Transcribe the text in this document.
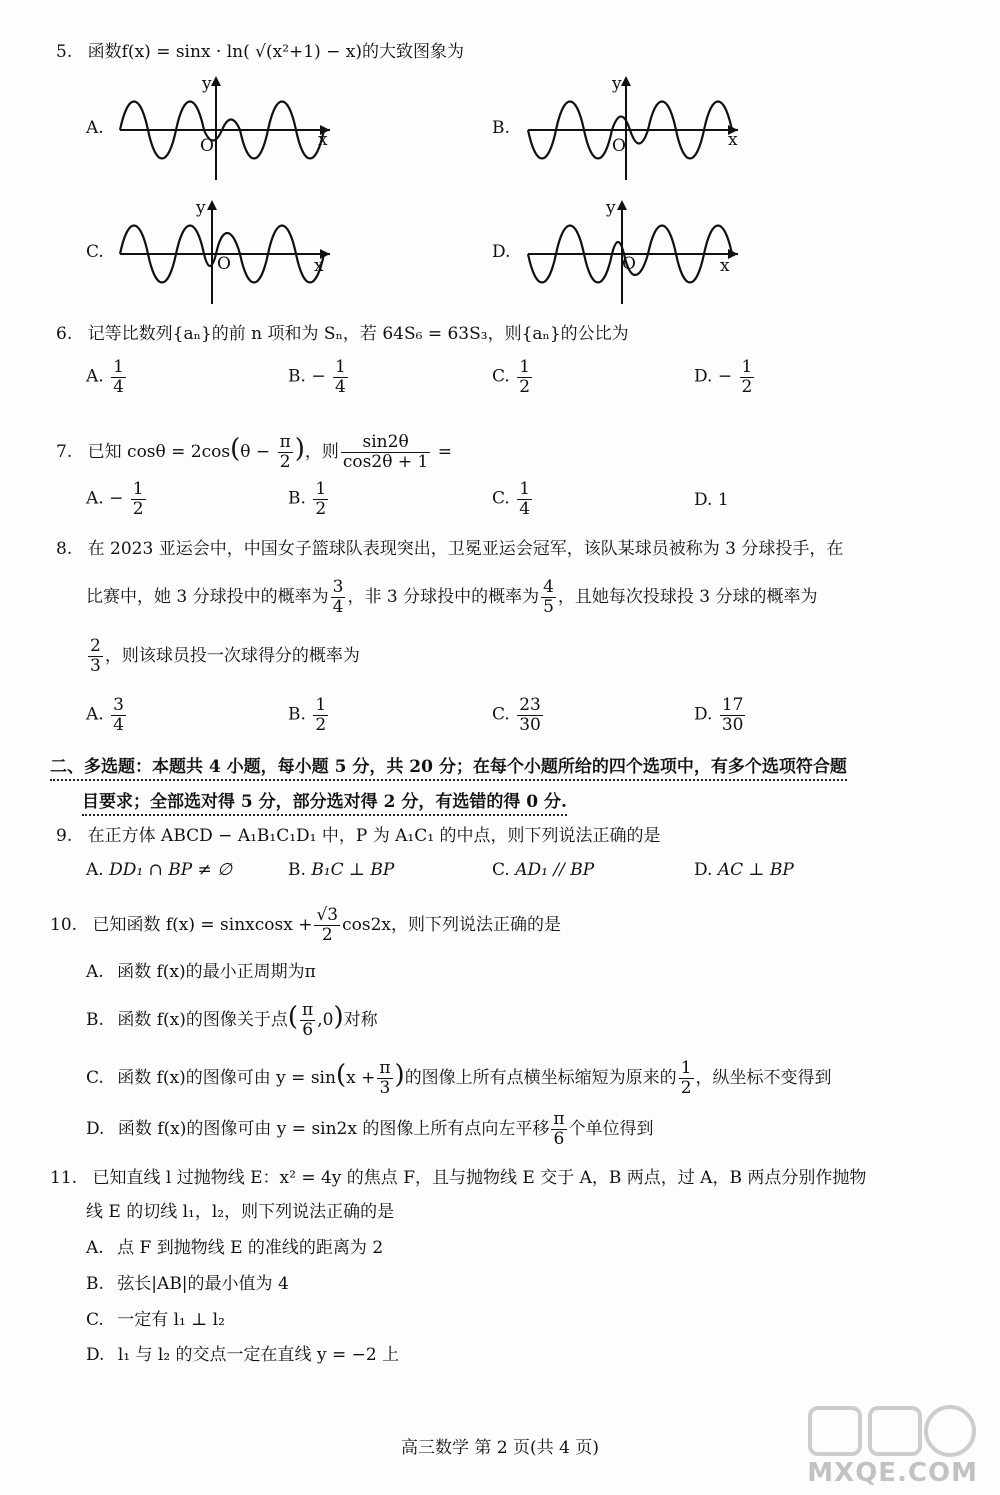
5. 函数f(x) = sinx · ln( √(x²+1) − x)的大致图象为
A.
y
x
O
B.
y
x
O
C.
y
x
O
D.
y
x
O
6. 记等比数列{aₙ}的前 n 项和为 Sₙ，若 64S₆ = 63S₃，则{aₙ}的公比为
A. $\frac{1}{4}$	B. − $\frac{1}{4}$	C. $\frac{1}{2}$	D. − $\frac{1}{2}$
7. 已知 $\cos\theta = 2\cos(\theta - \frac{\pi}{2}$ )，则 $\frac{\sin 2\theta}{\cos 2\theta + 1}$ =
A. − $\frac{1}{2}$	B. $\frac{1}{2}$	C. $\frac{1}{4}$	D. 1
8. 在 2023 亚运会中，中国女子篮球队表现突出，卫冕亚运会冠军，该队某球员被称为 3 分球投手，在
比赛中，她 3 分球投中的概率为 $\frac{3}{4}$ ，非 3 分球投中的概率为 $\frac{4}{5}$ ，且她每次投球投 3 分球的概率为
$\frac{2}{3}$ ，则该球员投一次球得分的概率为
A. $\frac{3}{4}$	B. $\frac{1}{2}$	C. $\frac{23}{30}$	D. $\frac{17}{30}$
二、多选题：本题共 4 小题，每小题 5 分，共 20 分；在每个小题所给的四个选项中，有多个选项符合题
目要求；全部选对得 5 分，部分选对得 2 分，有选错的得 0 分.
9. 在正方体 ABCD − A₁B₁C₁D₁ 中，P 为 A₁C₁ 的中点，则下列说法正确的是
A. DD₁ ∩ BP ≠ ∅	B. B₁C ⊥ BP	C. AD₁ // BP	D. AC ⊥ BP
10. 已知函数 f(x) = sinxcosx + $\frac{√3}{2} \cos 2x$，则下列说法正确的是
A. 函数 f(x)的最小正周期为π
B. 函数 f(x)的图像关于点( $\frac{\pi}{6} ,0$)对称
C. 函数 f(x)的图像可由 $y = \sin(x + \frac{\pi}{3}$ )的图像上所有点横坐标缩短为原来的 $\frac{1}{2}$ ，纵坐标不变得到
D. 函数 f(x)的图像可由 y = sin2x 的图像上所有点向左平移 $\frac{\pi}{6}$ 个单位得到
11. 已知直线 l 过抛物线 E：x² = 4y 的焦点 F，且与抛物线 E 交于 A，B 两点，过 A，B 两点分别作抛物
线 E 的切线 l₁，l₂，则下列说法正确的是
A. 点 F 到抛物线 E 的准线的距离为 2
B. 弦长|AB|的最小值为 4
C. 一定有 l₁ ⊥ l₂
D. l₁ 与 l₂ 的交点一定在直线 y = −2 上
高三数学 第 2 页(共 4 页)
MXQE.COM
